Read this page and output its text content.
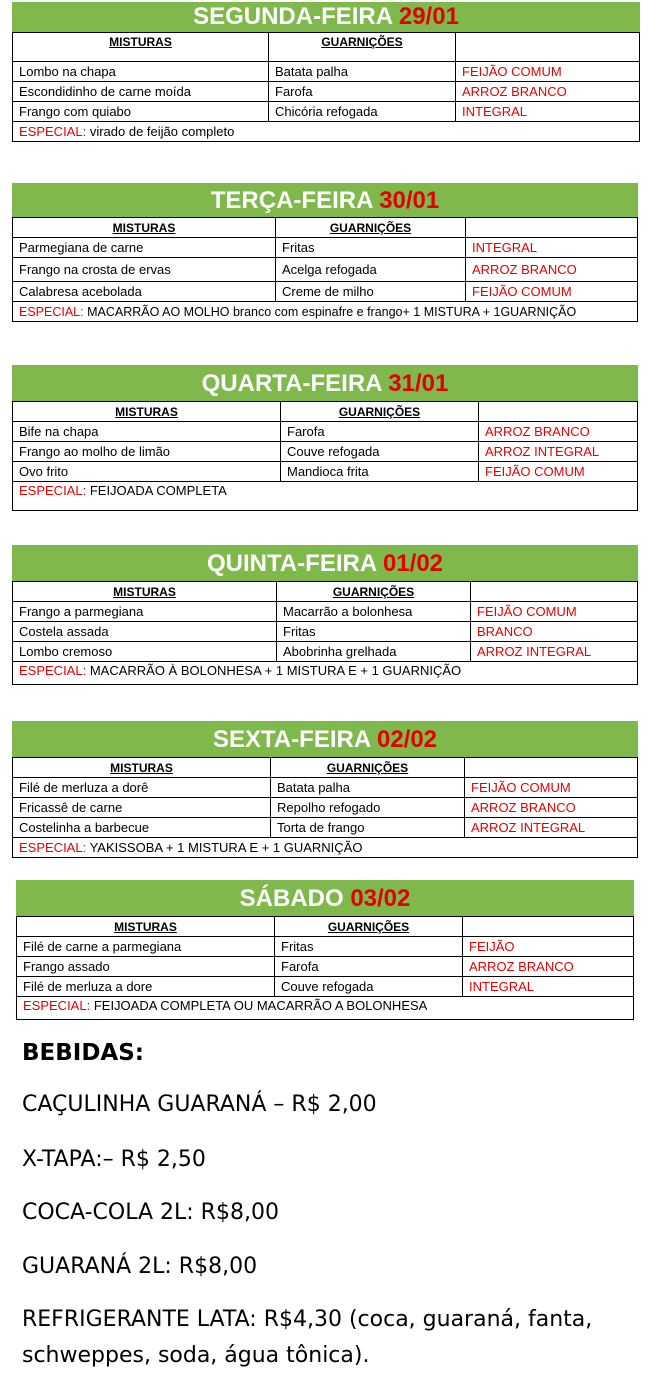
SEGUNDA-FEIRA 29/01
MISTURAS	GUARNIÇÕES	
Lombo na chapa	Batata palha	FEIJÃO COMUM
Escondidinho de carne moída	Farofa	ARROZ BRANCO
Frango com quiabo	Chicória refogada	INTEGRAL
ESPECIAL: virado de feijão completo		
TERÇA-FEIRA 30/01
MISTURAS	GUARNIÇÕES	
Parmegiana de carne	Fritas	INTEGRAL
Frango na crosta de ervas	Acelga refogada	ARROZ BRANCO
Calabresa acebolada	Creme de milho	FEIJÃO COMUM
ESPECIAL: MACARRÃO AO MOLHO branco com espinafre e frango+ 1 MISTURA + 1GUARNIÇÃO		
QUARTA-FEIRA 31/01
MISTURAS	GUARNIÇÕES	
Bife na chapa	Farofa	ARROZ BRANCO
Frango ao molho de limão	Couve refogada	ARROZ INTEGRAL
Ovo frito	Mandioca frita	FEIJÃO COMUM
ESPECIAL: FEIJOADA COMPLETA		
QUINTA-FEIRA 01/02
MISTURAS	GUARNIÇÕES	
Frango a parmegiana	Macarrão a bolonhesa	FEIJÃO COMUM
Costela assada	Fritas	BRANCO
Lombo cremoso	Abobrinha grelhada	ARROZ INTEGRAL
ESPECIAL: MACARRÃO À BOLONHESA + 1 MISTURA E + 1 GUARNIÇÃO		
SEXTA-FEIRA 02/02
MISTURAS	GUARNIÇÕES	
Filé de merluza a dorê	Batata palha	FEIJÃO COMUM
Fricassê de carne	Repolho refogado	ARROZ BRANCO
Costelinha a barbecue	Torta de frango	ARROZ INTEGRAL
ESPECIAL: YAKISSOBA + 1 MISTURA E + 1 GUARNIÇÃO		
SÁBADO 03/02
MISTURAS	GUARNIÇÕES	
Filé de carne a parmegiana	Fritas	FEIJÃO
Frango assado	Farofa	ARROZ BRANCO
Filé de merluza a dore	Couve refogada	INTEGRAL
ESPECIAL: FEIJOADA COMPLETA OU MACARRÃO A BOLONHESA		
BEBIDAS:
CAÇULINHA GUARANÁ – R$ 2,00
X-TAPA:– R$ 2,50
COCA-COLA 2L: R$8,00
GUARANÁ 2L: R$8,00
REFRIGERANTE LATA: R$4,30 (coca, guaraná, fanta,
schweppes, soda, água tônica).
